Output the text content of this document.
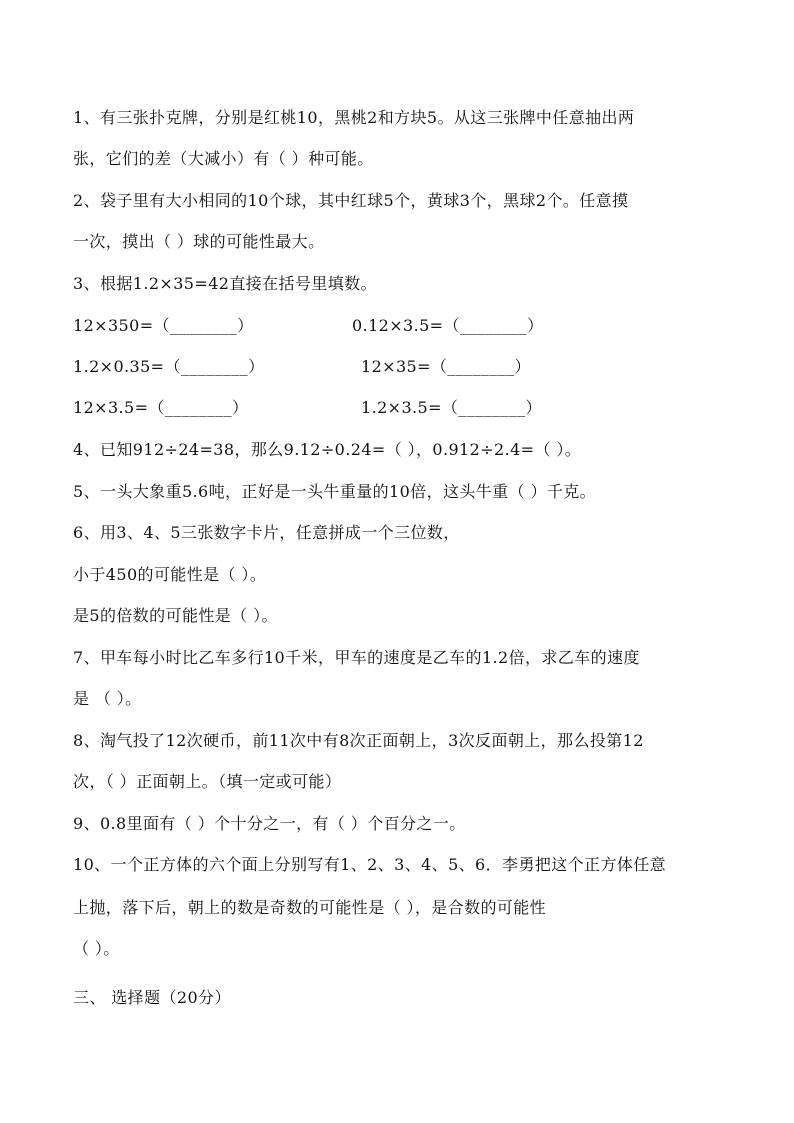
1、有三张扑克牌，分别是红桃10，黑桃2和方块5。从这三张牌中任意抽出两
张，它们的差（大减小）有（ ）种可能。
2、袋子里有大小相同的10个球，其中红球5个，黄球3个，黑球2个。任意摸
一次，摸出（ ）球的可能性最大。
3、根据1.2×35=42直接在括号里填数。
12×350=（________）	0.12×3.5=（________）
1.2×0.35=（________）	12×35=（________）
12×3.5=（________）	1.2×3.5=（________）
4、已知912÷24=38，那么9.12÷0.24=（ ），0.912÷2.4=（ ）。
5、一头大象重5.6吨，正好是一头牛重量的10倍，这头牛重（ ）千克。
6、用3、4、5三张数字卡片，任意拼成一个三位数，
小于450的可能性是（ ）。
是5的倍数的可能性是（ ）。
7、甲车每小时比乙车多行10千米，甲车的速度是乙车的1.2倍，求乙车的速度
是 （ ）。
8、淘气投了12次硬币，前11次中有8次正面朝上，3次反面朝上，那么投第12
次，（ ）正面朝上。（填一定或可能）
9、0.8里面有（ ）个十分之一，有（ ）个百分之一。
10、一个正方体的六个面上分别写有1、2、3、4、5、6．李勇把这个正方体任意
上抛，落下后，朝上的数是奇数的可能性是（ ），是合数的可能性
（ ）。
三、 选择题（20分）
